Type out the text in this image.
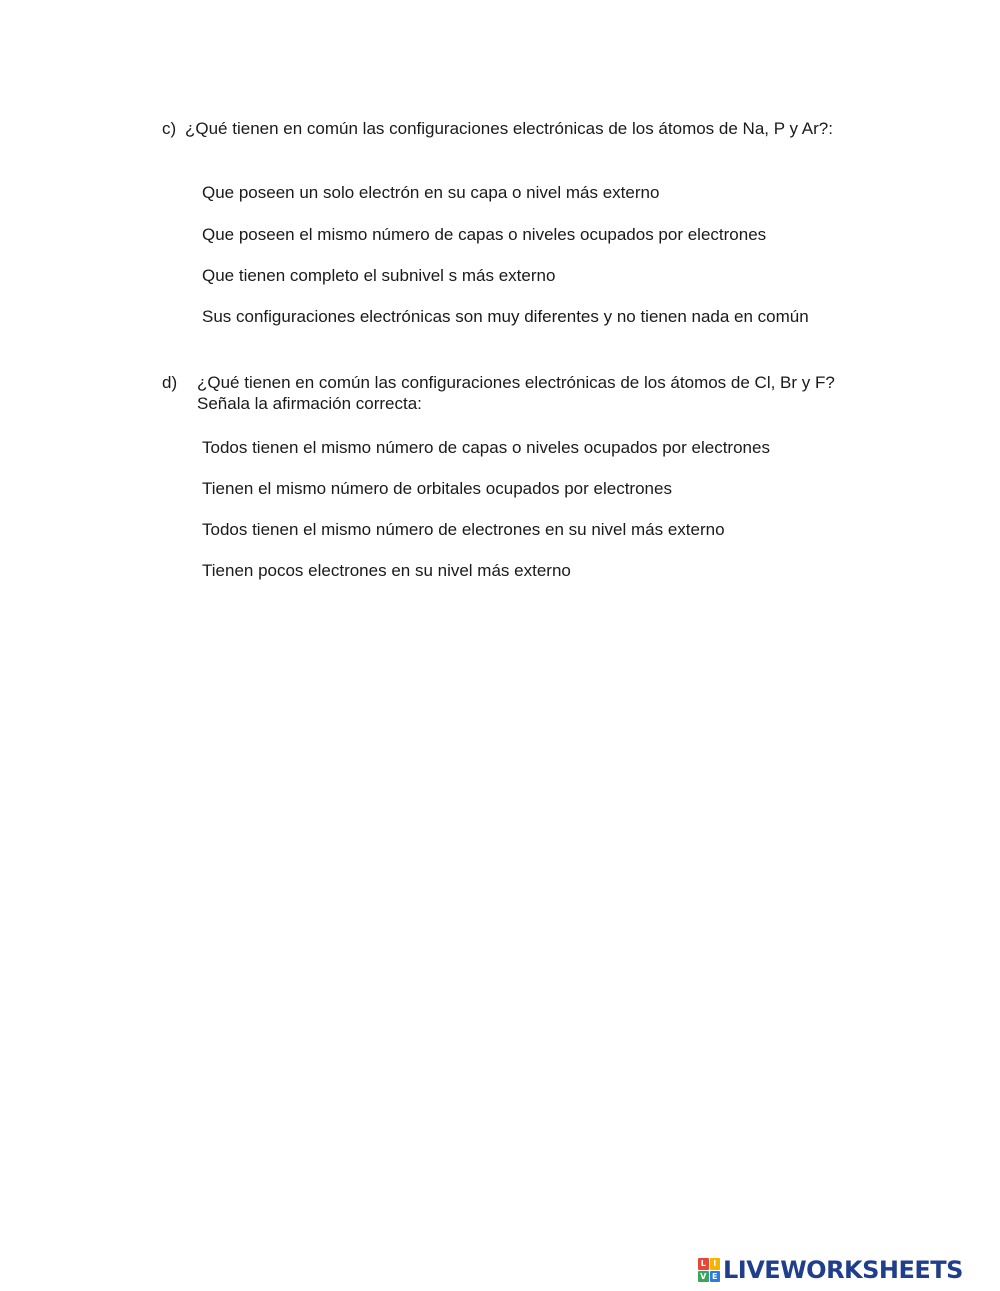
c) ¿Qué tienen en común las configuraciones electrónicas de los átomos de Na, P y Ar?:
Que poseen un solo electrón en su capa o nivel más externo
Que poseen el mismo número de capas o niveles ocupados por electrones
Que tienen completo el subnivel s más externo
Sus configuraciones electrónicas son muy diferentes y no tienen nada en común
d) ¿Qué tienen en común las configuraciones electrónicas de los átomos de Cl, Br y F? Señala la afirmación correcta:
Todos tienen el mismo número de capas o niveles ocupados por electrones
Tienen el mismo número de orbitales ocupados por electrones
Todos tienen el mismo número de electrones en su nivel más externo
Tienen pocos electrones en su nivel más externo
L I
V E LIVEWORKSHEETS
